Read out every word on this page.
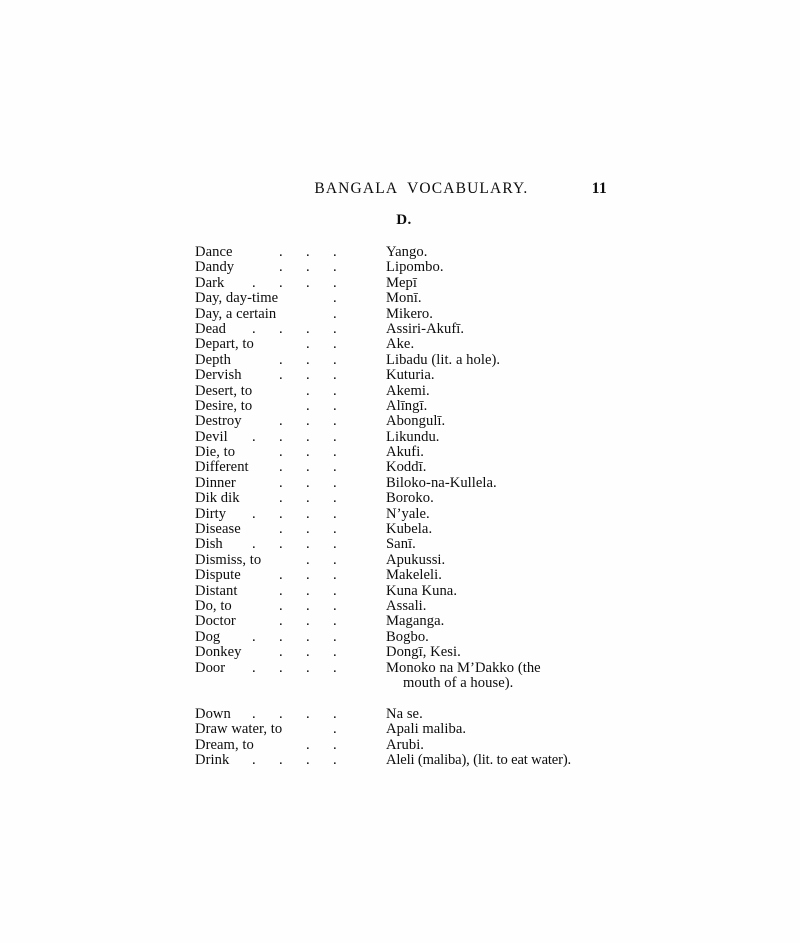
BANGALA  VOCABULARY.	11
D.
Dance	. . .	Yango.
Dandy	. . .	Lipombo.
Dark . . . .	Mepī
Day, day-time	.	Monī.
Day, a certain	.	Mikero.
Dead . . . .	Assiri-Akufī.
Depart, to	. .	Ake.
Depth	. . .	Libadu (lit. a hole).
Dervish	. . .	Kuturia.
Desert, to	. .	Akemi.
Desire, to	. .	Alīngī.
Destroy	. . .	Abongulī.
Devil . . . .	Likundu.
Die, to	. . .	Akufi.
Different . . .	Koddī.
Dinner	. . .	Biloko-na-Kullela.
Dik dik	. . .	Boroko.
Dirty . . . .	N’yale.
Disease	. . .	Kubela.
Dish . . . .	Sanī.
Dismiss, to	. .	Apukussi.
Dispute	. . .	Makeleli.
Distant	. . .	Kuna Kuna.
Do, to	. . .	Assali.
Doctor	. . .	Maganga.
Dog . . . .	Bogbo.
Donkey	. . .	Dongī, Kesi.
Door . . . .	Monoko na M’Dakko (the
mouth of a house).
Down . . . .	Na se.
Draw water, to	.	Apali maliba.
Dream, to	. .	Arubi.
Drink . . . .	Aleli (maliba), (lit. to eat water).
